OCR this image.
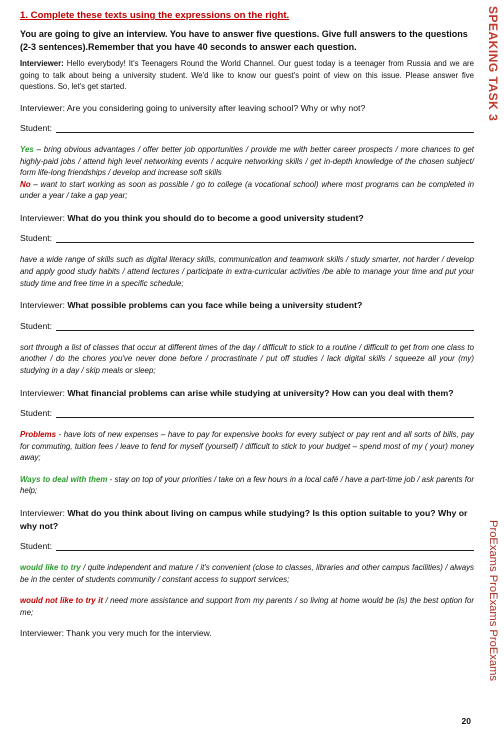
1. Complete these texts using the expressions on the right.
You are going to give an interview. You have to answer five questions. Give full answers to the questions (2-3 sentences).Remember that you have 40 seconds to answer each question.
Interviewer: Hello everybody! It's Teenagers Round the World Channel. Our guest today is a teenager from Russia and we are going to talk about being a university student. We'd like to know our guest's point of view on this issue. Please answer five questions. So, let's get started.

Interviewer: Are you considering going to university after leaving school? Why or why not?

Student:

Yes – bring obvious advantages / offer better job opportunities / provide me with better career prospects / more chances to get highly-paid jobs / attend high level networking events / acquire networking skills / get in-depth knowledge of the chosen subject/ form life-long friendships / develop and increase soft skills
No – want to start working as soon as possible / go to college (a vocational school) where most programs can be completed in under a year / take a gap year;

Interviewer: What do you think you should do to become a good university student?

Student:

have a wide range of skills such as digital literacy skills, communication and teamwork skills / study smarter, not harder / develop and apply good study habits / attend lectures / participate in extra-curricular activities /be able to manage your time and put your study time and free time in a specific schedule;

Interviewer: What possible problems can you face while being a university student?

Student:

sort through a list of classes that occur at different times of the day / difficult to stick to a routine / difficult to get from one class to another / do the chores you've never done before / procrastinate / put off studies / lack digital skills / squeeze all your (my) studying in a day / skip meals or sleep;

Interviewer: What financial problems can arise while studying at university? How can you deal with them?

Student:

Problems - have lots of new expenses – have to pay for expensive books for every subject or pay rent and all sorts of bills, pay for commuting, tuition fees / leave to fend for myself (yourself) / difficult to stick to your budget – spend most of my ( your) money away;

Ways to deal with them - stay on top of your priorities / take on a few hours in a local café / have a part-time job / ask parents for help;

Interviewer: What do you think about living on campus while studying? Is this option suitable to you? Why or why not?

Student:

would like to try / quite independent and mature / it's convenient (close to classes, libraries and other campus facilities) / always be in the center of students community / constant access to support services;

would not like to try it / need more assistance and support from my parents / so living at home would be (is) the best option for me;

Interviewer: Thank you very much for the interview.
20
SPEAKING TASK 3
ProExams ProExams ProExams
